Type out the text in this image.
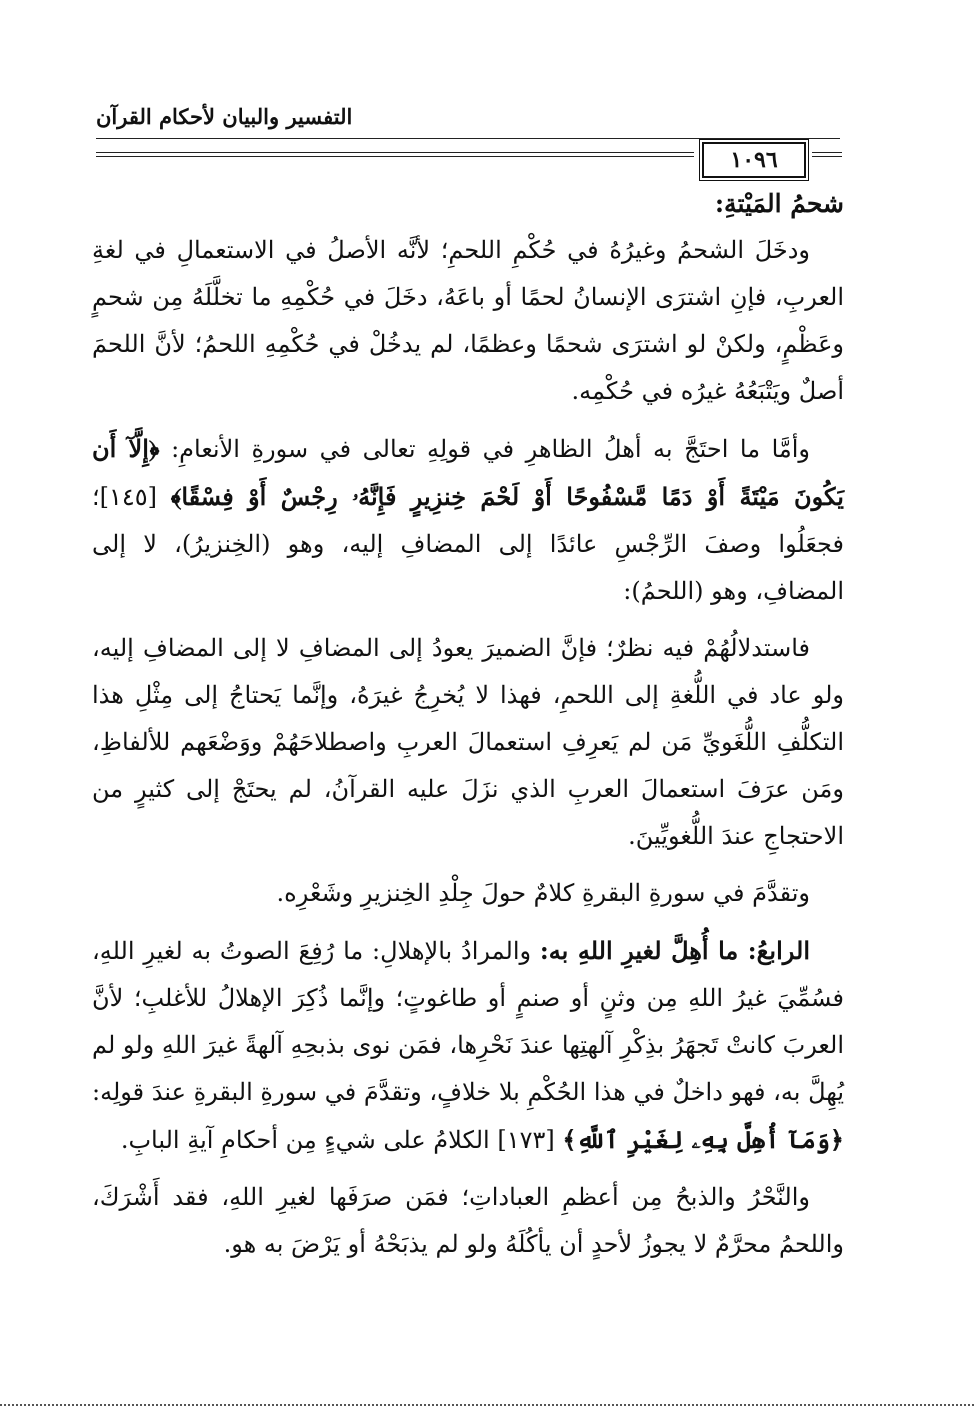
التفسير والبيان لأحكام القرآن
١٠٩٦

شحمُ المَيْتةِ:

ودخَلَ الشحمُ وغيرُهُ في حُكْمِ اللحمِ؛ لأنَّه الأصلُ في الاستعمالِ في لغةِ العربِ، فإنِ اشترَى الإنسانُ لحمًا أو باعَهُ، دخَلَ في حُكْمِهِ ما تخلَّلَهُ مِن شحمٍ وعَظْمٍ، ولكنْ لو اشترَى شحمًا وعظمًا، لم يدخُلْ في حُكْمِهِ اللحمُ؛ لأنَّ اللحمَ أصلٌ ويَتْبَعُهُ غيرُه في حُكْمِه.

وأمَّا ما احتَجَّ به أهلُ الظاهرِ في قولِهِ تعالى في سورةِ الأنعامِ: ﴿إِلَّآ أَن يَكُونَ مَيْتَةً أَوْ دَمًا مَّسْفُوحًا أَوْ لَحْمَ خِنزِيرٍ فَإِنَّهُۥ رِجْسٌ أَوْ فِسْقًا﴾ [١٤٥]؛ فجعَلُوا وصفَ الرِّجْسِ عائدًا إلى المضافِ إليه، وهو (الخِنزيرُ)، لا إلى المضافِ، وهو (اللحمُ):

فاستدلالُهُمْ فيه نظرٌ؛ فإنَّ الضميرَ يعودُ إلى المضافِ لا إلى المضافِ إليه، ولو عاد في اللُّغةِ إلى اللحمِ، فهذا لا يُخرِجُ غيرَهُ، وإنَّما يَحتاجُ إلى مِثْلِ هذا التكلُّفِ اللُّغَويِّ مَن لم يَعرِفِ استعمالَ العربِ واصطلاحَهُمْ ووَضْعَهم للألفاظِ، ومَن عرَفَ استعمالَ العربِ الذي نزَلَ عليه القرآنُ، لم يحتَجْ إلى كثيرٍ من الاحتجاجِ عندَ اللُّغويِّينَ.

وتقدَّمَ في سورةِ البقرةِ كلامٌ حولَ جِلْدِ الخِنزيرِ وشَعْرِه.

الرابعُ: ما أُهِلَّ لغيرِ اللهِ به: والمرادُ بالإهلالِ: ما رُفِعَ الصوتُ به لغيرِ اللهِ، فسُمِّيَ غيرُ اللهِ مِن وثنٍ أو صنمٍ أو طاغوتٍ؛ وإنَّما ذُكِرَ الإهلالُ للأغلبِ؛ لأنَّ العربَ كانتْ تَجهَرُ بذِكْرِ آلهتِها عندَ نَحْرِها، فمَن نوى بذبحِهِ آلهةً غيرَ اللهِ ولو لم يُهِلَّ به، فهو داخلٌ في هذا الحُكْمِ بلا خلافٍ، وتقدَّمَ في سورةِ البقرةِ عندَ قولِه: ﴿وَمَآ أُهِلَّ بِهِۦ لِغَيْرِ ٱللَّهِ﴾ [١٧٣] الكلامُ على شيءٍ مِن أحكامِ آيةِ البابِ.

والنَّحْرُ والذبحُ مِن أعظمِ العباداتِ؛ فمَن صرَفَها لغيرِ اللهِ، فقد أَشْرَكَ، واللحمُ محرَّمٌ لا يجوزُ لأحدٍ أن يأكُلَهُ ولو لم يذبَحْهُ أو يَرْضَ به هو.
